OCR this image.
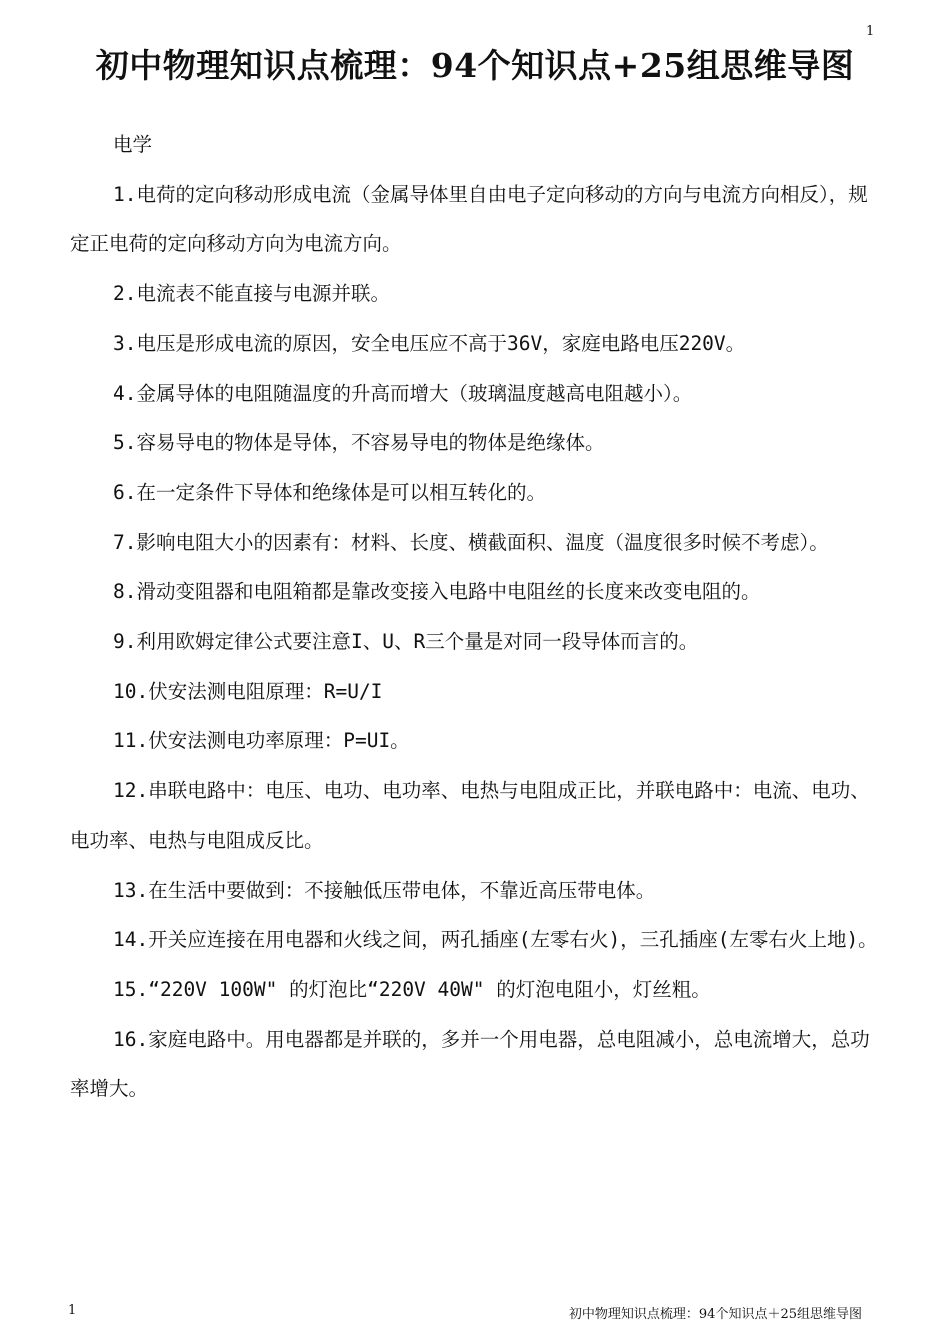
1
初中物理知识点梳理：94个知识点+25组思维导图
电学

1.电荷的定向移动形成电流（金属导体里自由电子定向移动的方向与电流方向相反），规定正电荷的定向移动方向为电流方向。

2.电流表不能直接与电源并联。

3.电压是形成电流的原因，安全电压应不高于36V，家庭电路电压220V。

4.金属导体的电阻随温度的升高而增大（玻璃温度越高电阻越小）。

5.容易导电的物体是导体，不容易导电的物体是绝缘体。

6.在一定条件下导体和绝缘体是可以相互转化的。

7.影响电阻大小的因素有：材料、长度、横截面积、温度（温度很多时候不考虑）。

8.滑动变阻器和电阻箱都是靠改变接入电路中电阻丝的长度来改变电阻的。

9.利用欧姆定律公式要注意I、U、R三个量是对同一段导体而言的。

10.伏安法测电阻原理：R=U/I

11.伏安法测电功率原理：P=UI。

12.串联电路中：电压、电功、电功率、电热与电阻成正比，并联电路中：电流、电功、电功率、电热与电阻成反比。

13.在生活中要做到：不接触低压带电体，不靠近高压带电体。

14.开关应连接在用电器和火线之间，两孔插座(左零右火)，三孔插座(左零右火上地)。

15.“220V 100W" 的灯泡比“220V 40W" 的灯泡电阻小，灯丝粗。

16.家庭电路中。用电器都是并联的，多并一个用电器，总电阻减小，总电流增大，总功率增大。

1	初中物理知识点梳理：94个知识点＋25组思维导图
